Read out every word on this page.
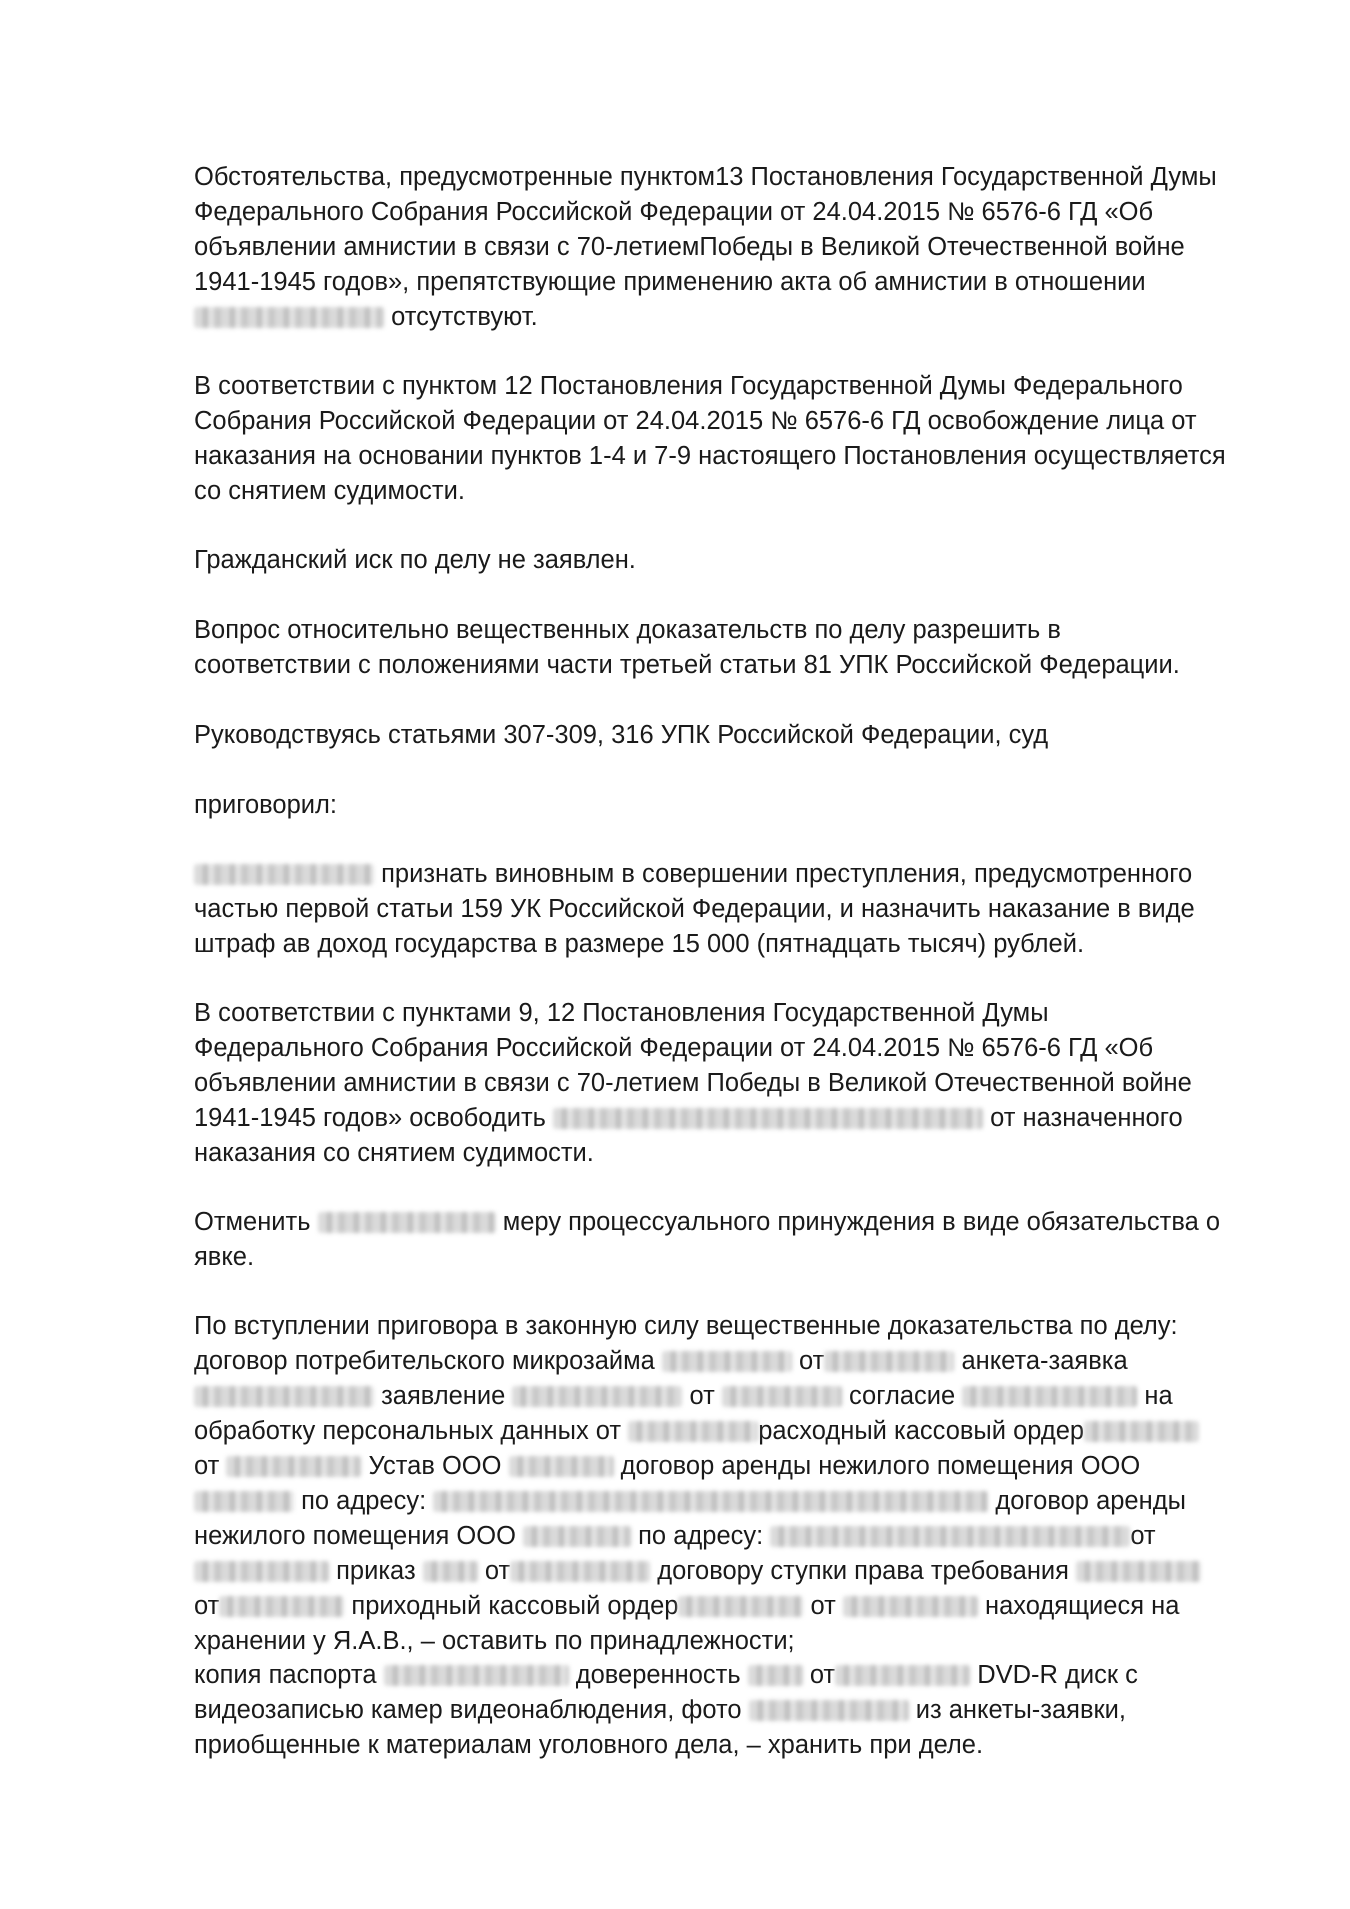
Обстоятельства, предусмотренные пунктом13 Постановления Государственной Думы
Федерального Собрания Российской Федерации от 24.04.2015 № 6576-6 ГД «Об
объявлении амнистии в связи с 70-летиемПобеды в Великой Отечественной войне
1941-1945 годов», препятствующие применению акта об амнистии в отношении
отсутствуют.
В соответствии с пунктом 12 Постановления Государственной Думы Федерального
Собрания Российской Федерации от 24.04.2015 № 6576-6 ГД освобождение лица от
наказания на основании пунктов 1-4 и 7-9 настоящего Постановления осуществляется
со снятием судимости.
Гражданский иск по делу не заявлен.
Вопрос относительно вещественных доказательств по делу разрешить в
соответствии с положениями части третьей статьи 81 УПК Российской Федерации.
Руководствуясь статьями 307-309, 316 УПК Российской Федерации, суд
приговорил:
признать виновным в совершении преступления, предусмотренного
частью первой статьи 159 УК Российской Федерации, и назначить наказание в виде
штраф ав доход государства в размере 15 000 (пятнадцать тысяч) рублей.
В соответствии с пунктами 9, 12 Постановления Государственной Думы
Федерального Собрания Российской Федерации от 24.04.2015 № 6576-6 ГД «Об
объявлении амнистии в связи с 70-летием Победы в Великой Отечественной войне
1941-1945 годов» освободить	от назначенного
наказания со снятием судимости.
Отменить	меру процессуального принуждения в виде обязательства о
явке.
По вступлении приговора в законную силу вещественные доказательства по делу:
договор потребительского микрозайма	от	анкета-заявка
заявление	от	согласие	на
обработку персональных данных от	расходный кассовый ордер
от	Устав ООО	договор аренды нежилого помещения ООО
по адресу:	договор аренды
нежилого помещения ООО	по адресу:	от
приказ	от	договору ступки права требования
от	приходный кассовый ордер	от	находящиеся на
хранении у Я.А.В., – оставить по принадлежности;
копия паспорта	доверенность	от	DVD-R диск с
видеозаписью камер видеонаблюдения, фото	из анкеты-заявки,
приобщенные к материалам уголовного дела, – хранить при деле.
